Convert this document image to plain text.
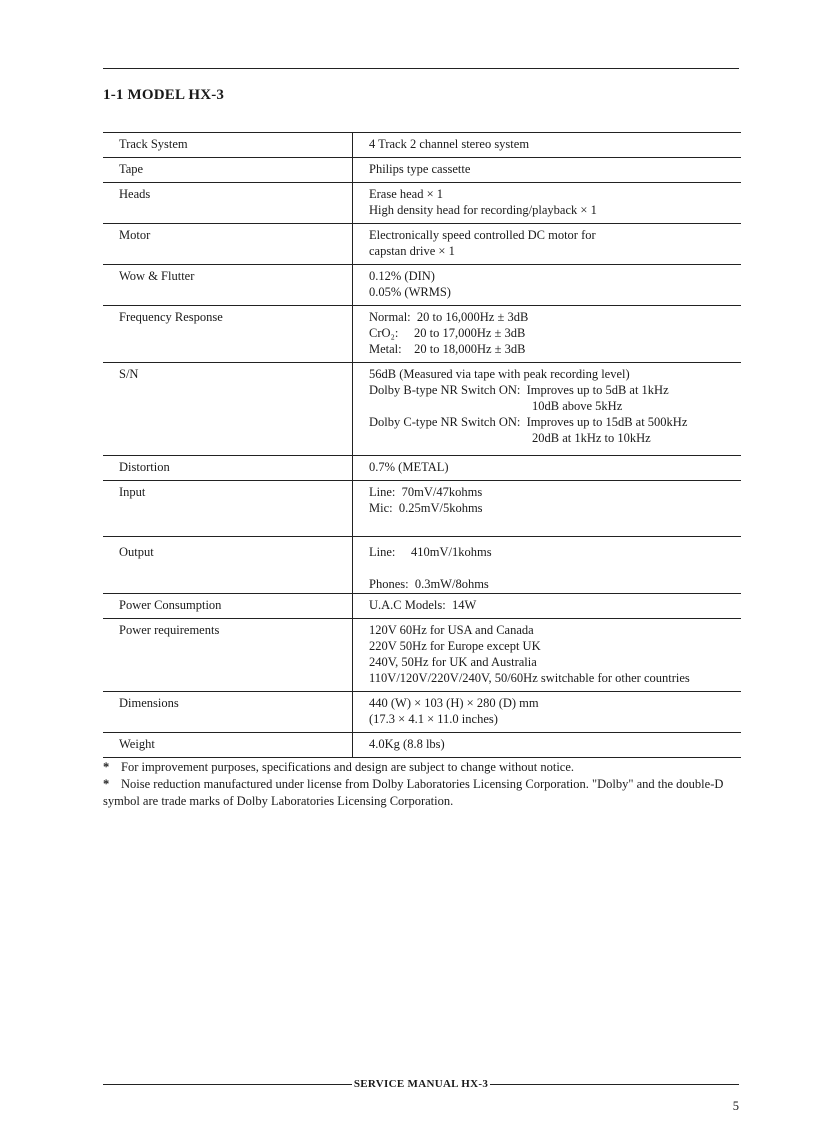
1-1 MODEL HX-3
Track System	4 Track 2 channel stereo system
Tape	Philips type cassette
Heads	Erase head × 1
High density head for recording/playback × 1
Motor	Electronically speed controlled DC motor for
capstan drive × 1
Wow & Flutter	0.12% (DIN)
0.05% (WRMS)
Frequency Response	Normal:  20 to 16,000Hz ± 3dB
CrO₂:     20 to 17,000Hz ± 3dB
Metal:    20 to 18,000Hz ± 3dB
S/N	56dB (Measured via tape with peak recording level)
Dolby B-type NR Switch ON:  Improves up to 5dB at 1kHz
10dB above 5kHz
Dolby C-type NR Switch ON:  Improves up to 15dB at 500kHz
20dB at 1kHz to 10kHz
Distortion	0.7% (METAL)
Input	Line:  70mV/47kohms
Mic:  0.25mV/5kohms
Output	Line:     410mV/1kohms
Phones:  0.3mW/8ohms
Power Consumption	U.A.C Models:  14W
Power requirements	120V 60Hz for USA and Canada
220V 50Hz for Europe except UK
240V, 50Hz for UK and Australia
110V/120V/220V/240V, 50/60Hz switchable for other countries
Dimensions	440 (W) × 103 (H) × 280 (D) mm
(17.3 × 4.1 × 11.0 inches)
Weight	4.0Kg (8.8 lbs)
* For improvement purposes, specifications and design are subject to change without notice.
* Noise reduction manufactured under license from Dolby Laboratories Licensing Corporation. "Dolby" and the double-D symbol are trade marks of Dolby Laboratories Licensing Corporation.
SERVICE MANUAL HX-3
5
